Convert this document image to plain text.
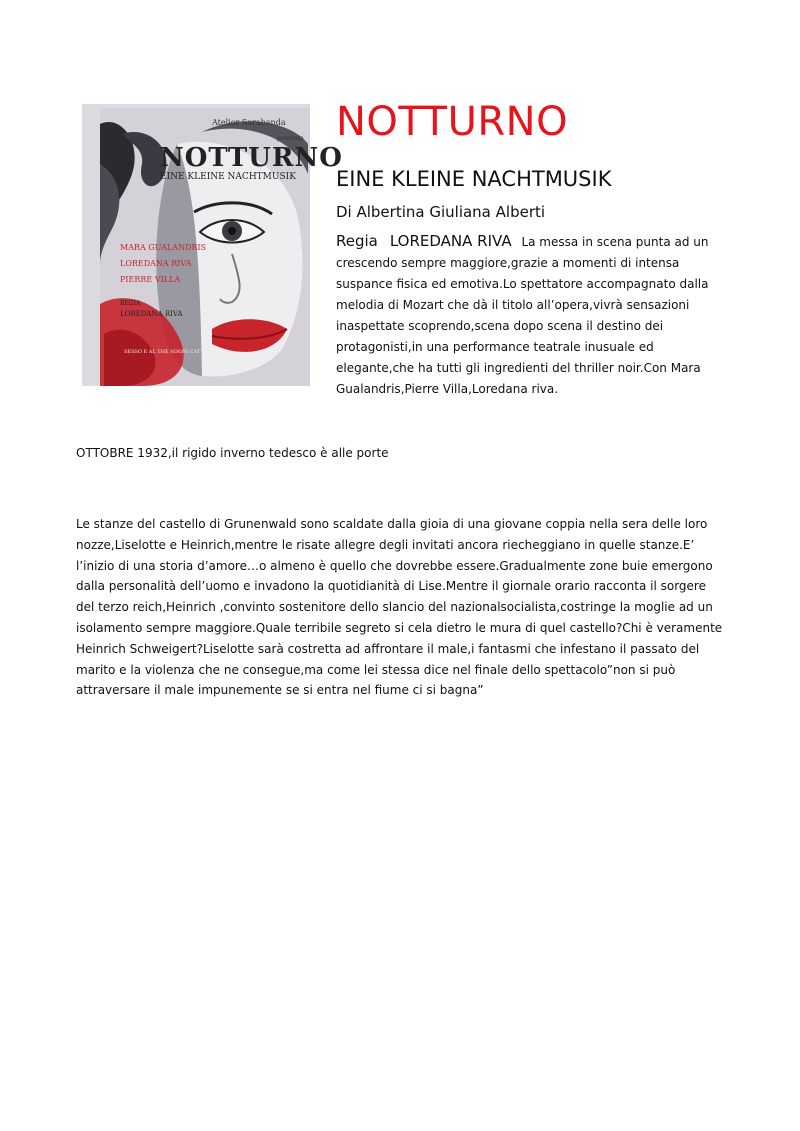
Atelier Sarabanda
presenta
NOTTURNO
EINE KLEINE NACHTMUSIK
MARA GUALANDRIS
LOREDANA RIVA
PIERRE VILLA
REGIA
LOREDANA RIVA
SESSO E AL THE SOGNI CATTIVI
NOTTURNO
EINE KLEINE NACHTMUSIK

Di Albertina Giuliana Alberti

Regia LOREDANA RIVA La messa in scena punta ad un crescendo sempre maggiore,grazie a momenti di intensa suspance fisica ed emotiva.Lo spettatore accompagnato dalla melodia di Mozart che dà il titolo all’opera,vivrà sensazioni inaspettate scoprendo,scena dopo scena il destino dei protagonisti,in una performance teatrale inusuale ed elegante,che ha tutti gli ingredienti del thriller noir.Con Mara Gualandris,Pierre Villa,Loredana riva.

OTTOBRE 1932,il rigido inverno tedesco è alle porte

Le stanze del castello di Grunenwald sono scaldate dalla gioia di una giovane coppia nella sera delle loro nozze,Liselotte e Heinrich,mentre le risate allegre degli invitati ancora riecheggiano in quelle stanze.E’ l’inizio di una storia d’amore…o almeno è quello che dovrebbe essere.Gradualmente zone buie emergono dalla personalità dell’uomo e invadono la quotidianità di Lise.Mentre il giornale orario racconta il sorgere del terzo reich,Heinrich ,convinto sostenitore dello slancio del nazionalsocialista,costringe la moglie ad un isolamento sempre maggiore.Quale terribile segreto si cela dietro le mura di quel castello?Chi è veramente Heinrich Schweigert?Liselotte sarà costretta ad affrontare il male,i fantasmi che infestano il passato del marito e la violenza che ne consegue,ma come lei stessa dice nel finale dello spettacolo”non si può attraversare il male impunemente se si entra nel fiume ci si bagna”
